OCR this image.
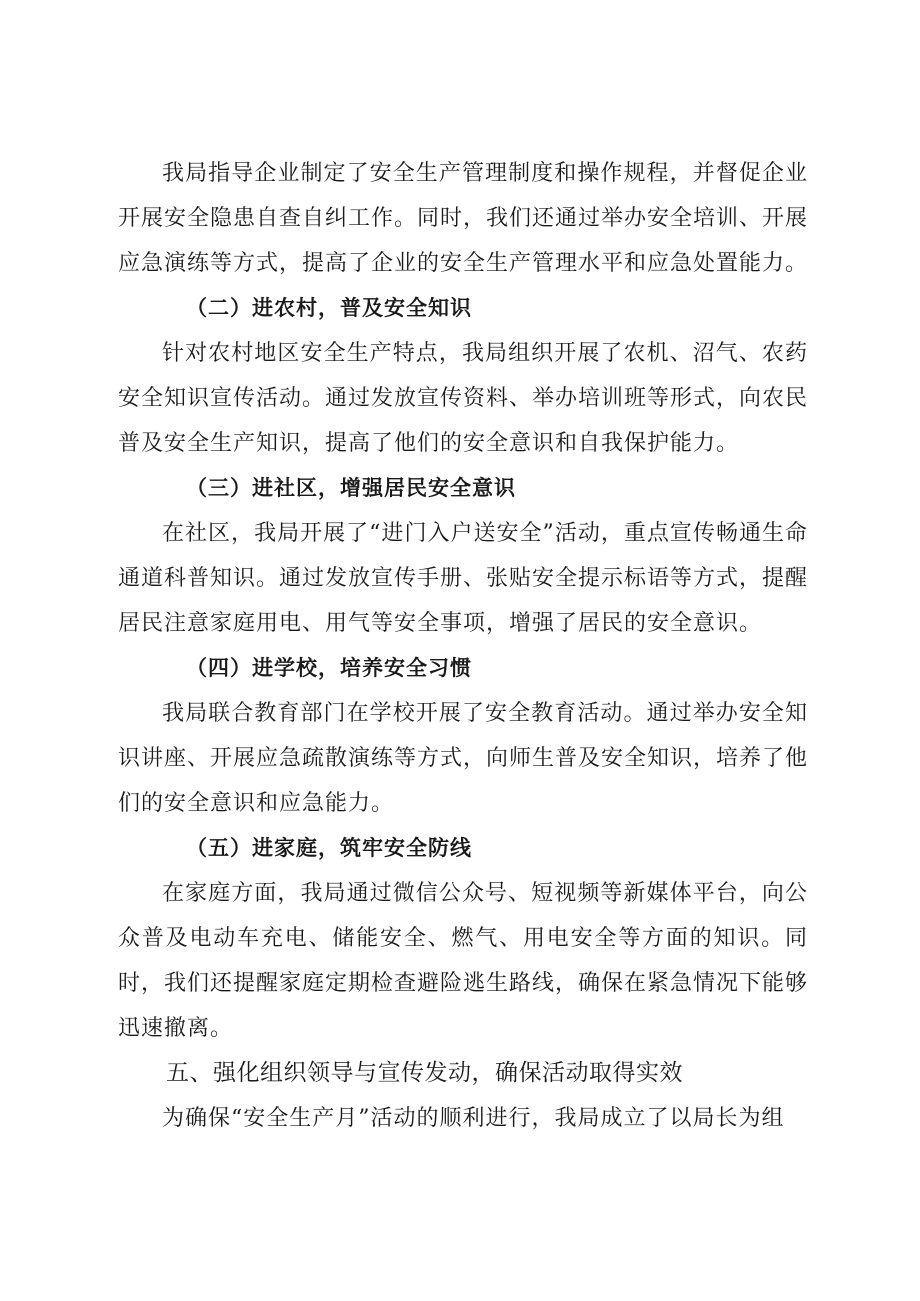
我局指导企业制定了安全生产管理制度和操作规程，并督促企业开展安全隐患自查自纠工作。同时，我们还通过举办安全培训、开展应急演练等方式，提高了企业的安全生产管理水平和应急处置能力。

（二）进农村，普及安全知识

针对农村地区安全生产特点，我局组织开展了农机、沼气、农药安全知识宣传活动。通过发放宣传资料、举办培训班等形式，向农民普及安全生产知识，提高了他们的安全意识和自我保护能力。

（三）进社区，增强居民安全意识

在社区，我局开展了“进门入户送安全”活动，重点宣传畅通生命通道科普知识。通过发放宣传手册、张贴安全提示标语等方式，提醒居民注意家庭用电、用气等安全事项，增强了居民的安全意识。

（四）进学校，培养安全习惯

我局联合教育部门在学校开展了安全教育活动。通过举办安全知识讲座、开展应急疏散演练等方式，向师生普及安全知识，培养了他们的安全意识和应急能力。

（五）进家庭，筑牢安全防线

在家庭方面，我局通过微信公众号、短视频等新媒体平台，向公众普及电动车充电、储能安全、燃气、用电安全等方面的知识。同时，我们还提醒家庭定期检查避险逃生路线，确保在紧急情况下能够迅速撤离。

五、强化组织领导与宣传发动，确保活动取得实效

为确保“安全生产月”活动的顺利进行，我局成立了以局长为组
